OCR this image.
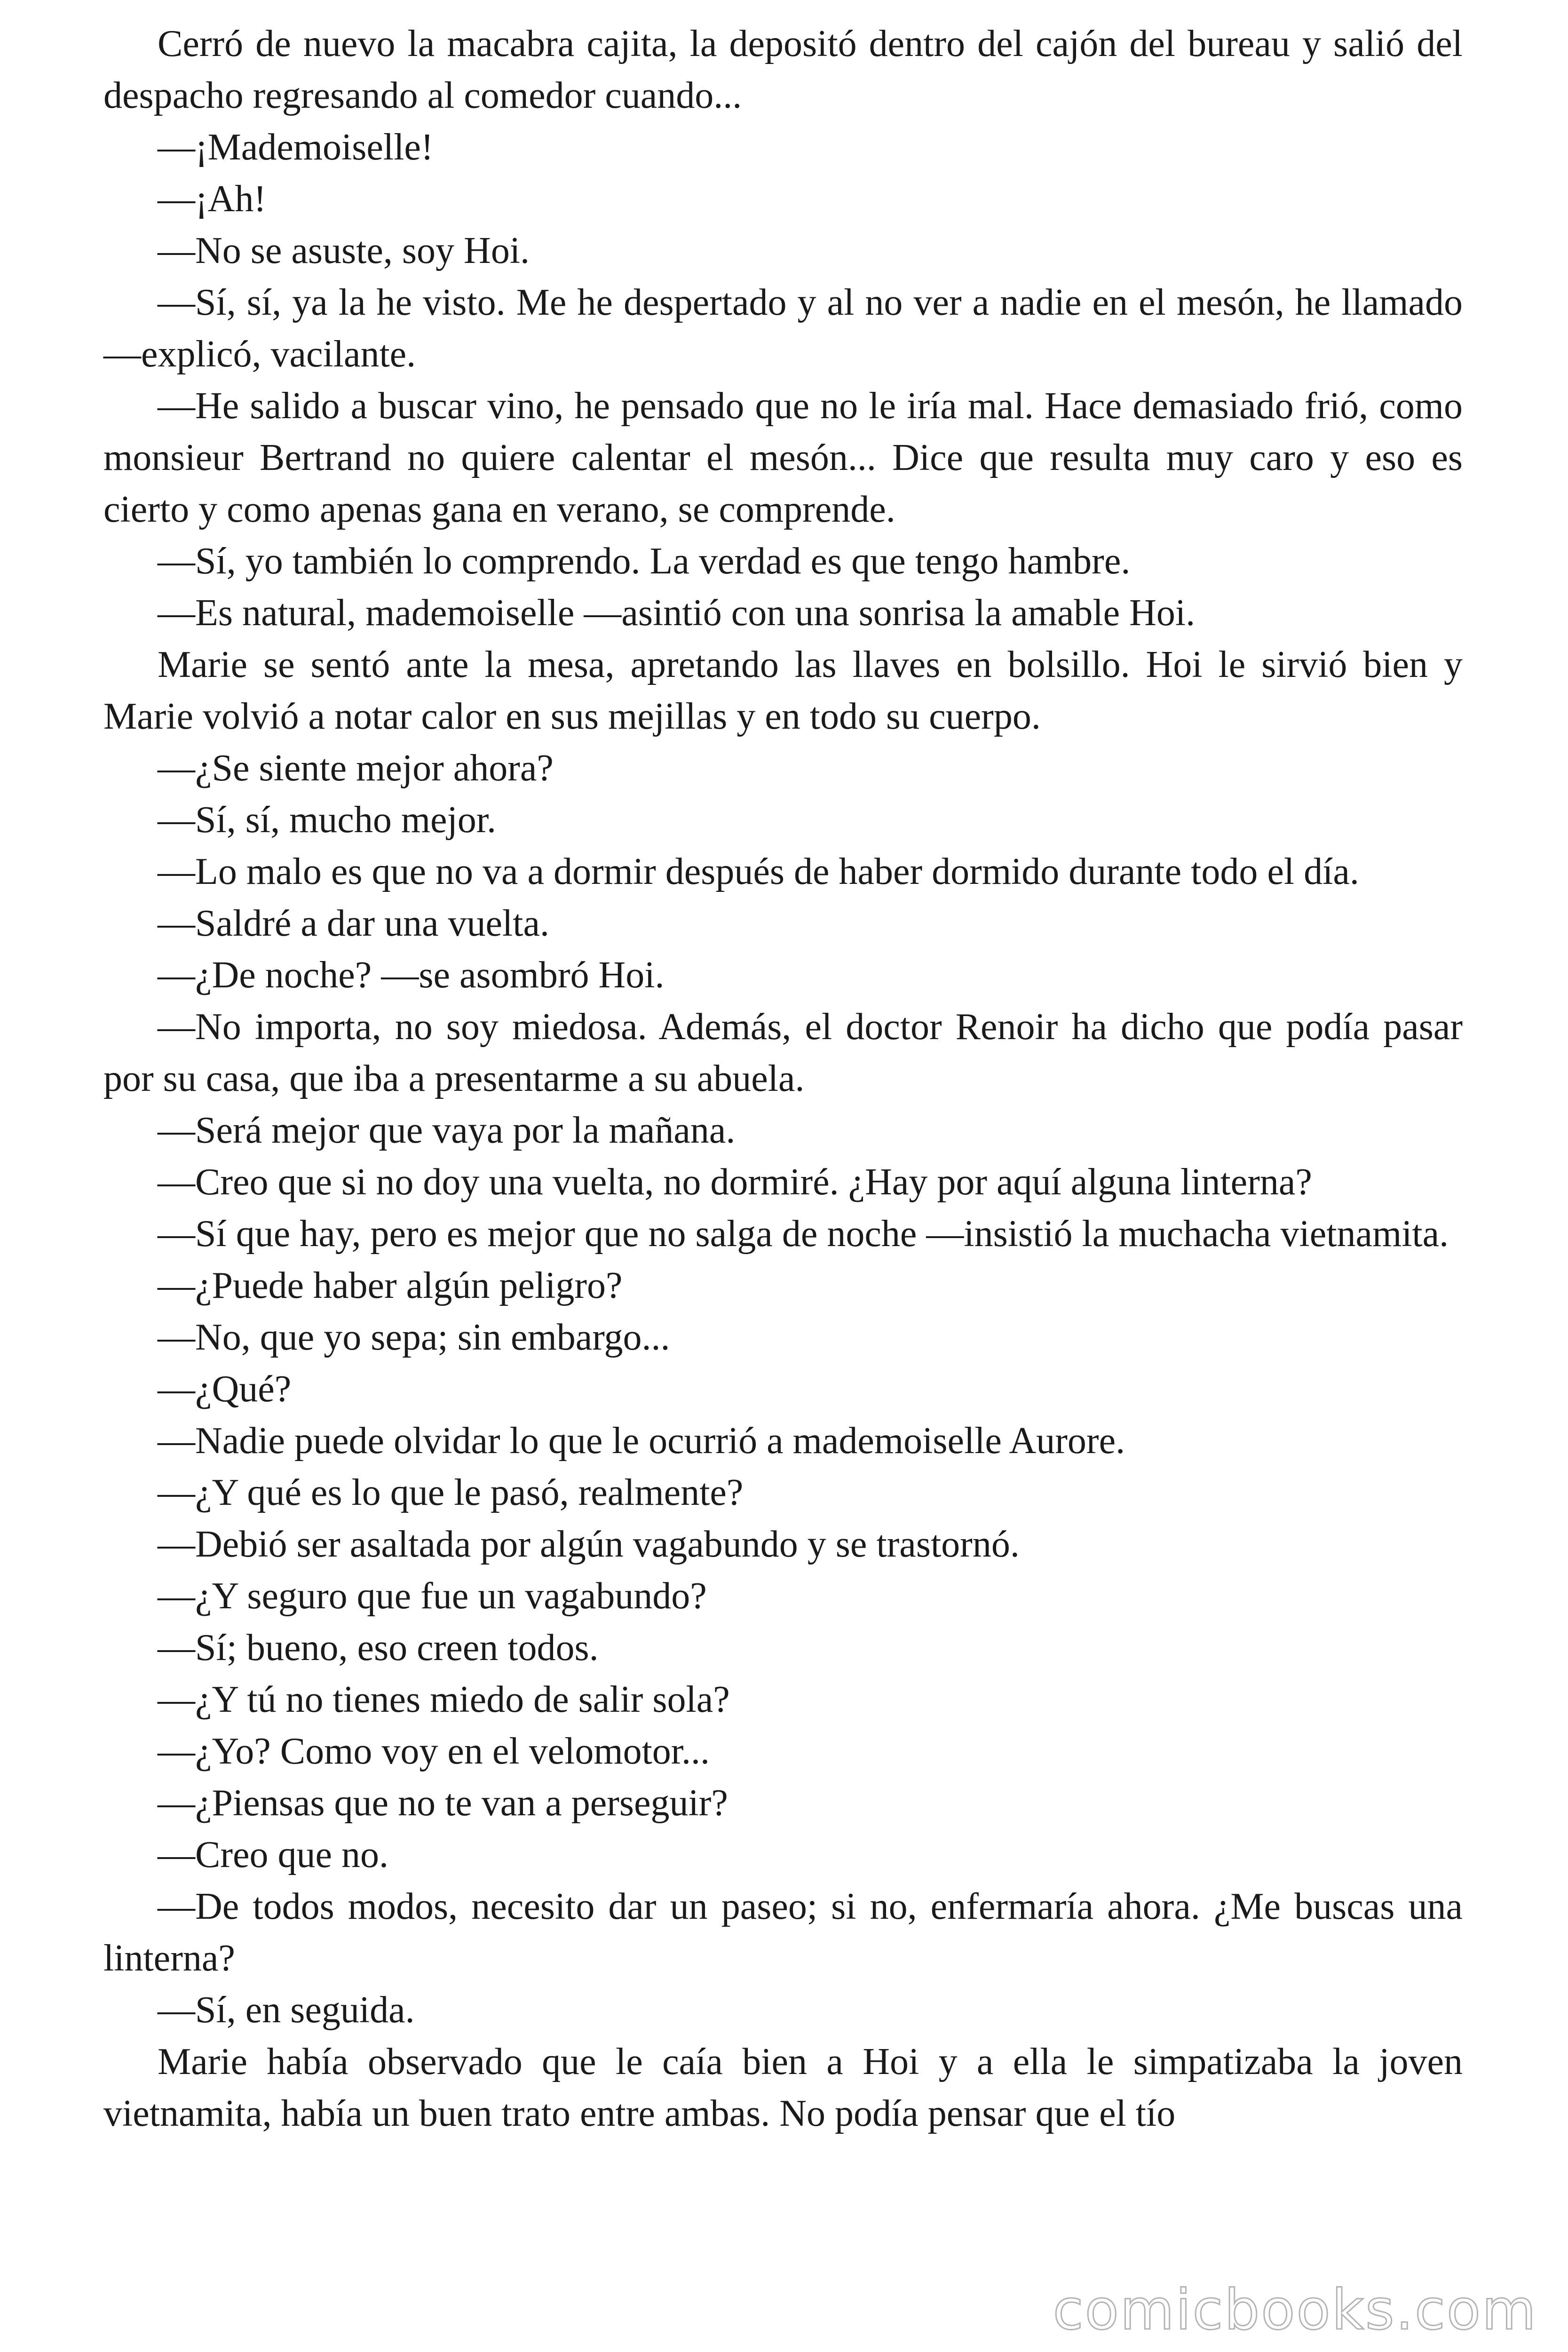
Cerró de nuevo la macabra cajita, la depositó dentro del cajón del bureau y salió del despacho regresando al comedor cuando...

—¡Mademoiselle!

—¡Ah!

—No se asuste, soy Hoi.

—Sí, sí, ya la he visto. Me he despertado y al no ver a nadie en el mesón, he llamado —explicó, vacilante.

—He salido a buscar vino, he pensado que no le iría mal. Hace demasiado frió, como monsieur Bertrand no quiere calentar el mesón... Dice que resulta muy caro y eso es cierto y como apenas gana en verano, se comprende.

—Sí, yo también lo comprendo. La verdad es que tengo hambre.

—Es natural, mademoiselle —asintió con una sonrisa la amable Hoi.

Marie se sentó ante la mesa, apretando las llaves en bolsillo. Hoi le sirvió bien y Marie volvió a notar calor en sus mejillas y en todo su cuerpo.

—¿Se siente mejor ahora?

—Sí, sí, mucho mejor.

—Lo malo es que no va a dormir después de haber dormido durante todo el día.

—Saldré a dar una vuelta.

—¿De noche? —se asombró Hoi.

—No importa, no soy miedosa. Además, el doctor Renoir ha dicho que podía pasar por su casa, que iba a presentarme a su abuela.

—Será mejor que vaya por la mañana.

—Creo que si no doy una vuelta, no dormiré. ¿Hay por aquí alguna linterna?

—Sí que hay, pero es mejor que no salga de noche —insistió la muchacha vietnamita.

—¿Puede haber algún peligro?

—No, que yo sepa; sin embargo...

—¿Qué?

—Nadie puede olvidar lo que le ocurrió a mademoiselle Aurore.

—¿Y qué es lo que le pasó, realmente?

—Debió ser asaltada por algún vagabundo y se trastornó.

—¿Y seguro que fue un vagabundo?

—Sí; bueno, eso creen todos.

—¿Y tú no tienes miedo de salir sola?

—¿Yo? Como voy en el velomotor...

—¿Piensas que no te van a perseguir?

—Creo que no.

—De todos modos, necesito dar un paseo; si no, enfermaría ahora. ¿Me buscas una linterna?

—Sí, en seguida.

Marie había observado que le caía bien a Hoi y a ella le simpatizaba la joven vietnamita, había un buen trato entre ambas. No podía pensar que el tío

comicbooks.com
